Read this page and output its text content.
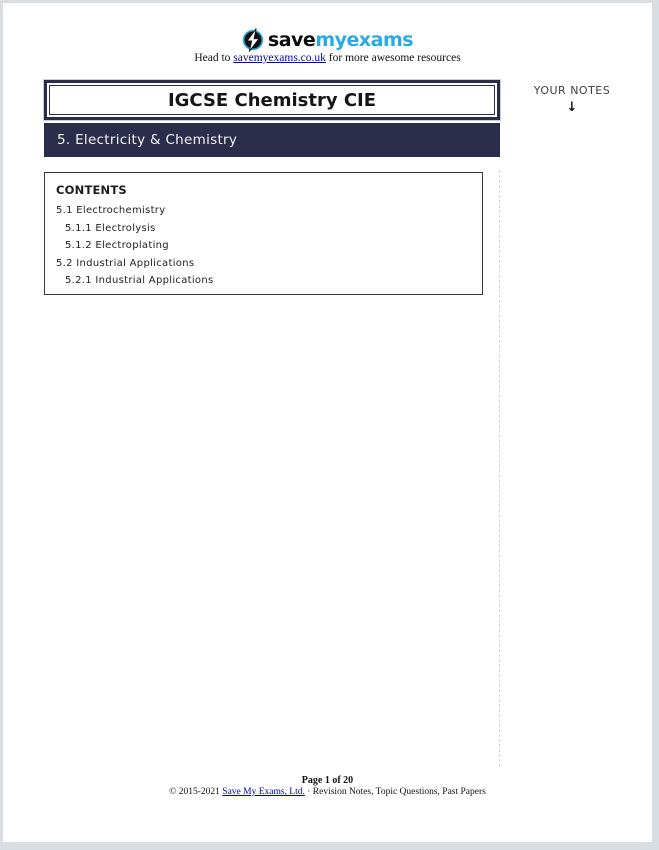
savemyexams
Head to savemyexams.co.uk for more awesome resources
IGCSE Chemistry CIE
5. Electricity & Chemistry
YOUR NOTES
↓
CONTENTS
5.1 Electrochemistry
5.1.1 Electrolysis
5.1.2 Electroplating
5.2 Industrial Applications
5.2.1 Industrial Applications
Page 1 of 20
© 2015-2021 Save My Exams, Ltd. · Revision Notes, Topic Questions, Past Papers
